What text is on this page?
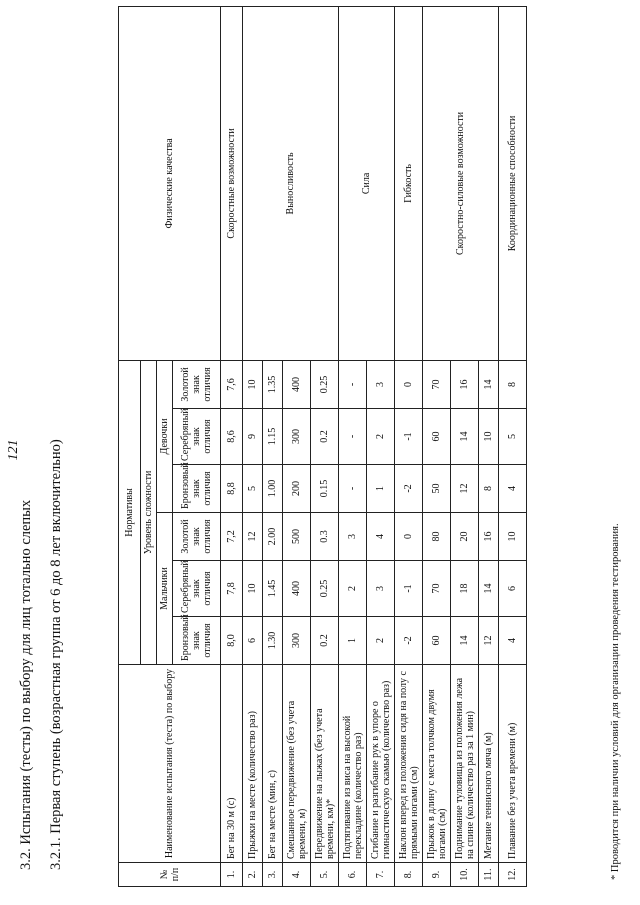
121
3.2. Испытания (тесты) по выбору для лиц тотально слепых 3.2.1. Первая ступень (возрастная группа от 6 до 8 лет включительно)
№ п/п	Наименование испытания (теста) по выбору	Нормативы						Физические качества
		Уровень сложности						
		Мальчики			Девочки			
		Бронзовый знак отличия	Серебряный знак отличия	Золотой знак отличия	Бронзовый знак отличия	Серебряный знак отличия	Золотой знак отличия	
1.	Бег на 30 м (с)	8,0	7,8	7,2	8,8	8,6	7,6	Скоростные возможности
2.	Прыжки на месте (количество раз)	6	10	12	5	9	10	Выносливость
3.	Бег на месте (мин, с)	1.30	1.45	2.00	1.00	1.15	1.35	
4.	Смешанное передвижение (без учета времени, м)	300	400	500	200	300	400	
5.	Передвижение на лыжах (без учета времени, км)*	0.2	0.25	0.3	0.15	0.2	0.25	
6.	Подтягивание из виса на высокой перекладине (количество раз)	1	2	3	-	-	-	Сила
7.	Сгибание и разгибание рук в упоре о гимнастическую скамью (количество раз)	2	3	4	1	2	3	
8.	Наклон вперед из положения сидя на полу с прямыми ногами (см)	-2	-1	0	-2	-1	0	Гибкость
9.	Прыжок в длину с места толчком двумя ногами (см)	60	70	80	50	60	70	Скоростно-силовые возможности
10.	Поднимание туловища из положения лежа на спине (количество раз за 1 мин)	14	18	20	12	14	16	
11.	Метание теннисного мяча (м)	12	14	16	8	10	14	
12.	Плавание без учета времени (м)	4	6	10	4	5	8	Координационные способности
* Проводится при наличии условий для организации проведения тестирования.
